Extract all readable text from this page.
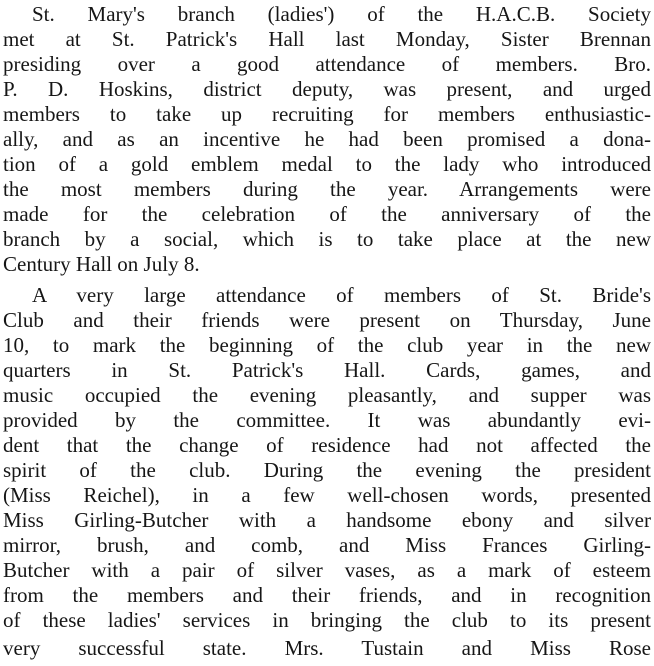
St. Mary's branch (ladies') of the H.A.C.B. Society
met at St. Patrick's Hall last Monday, Sister Brennan
presiding over a good attendance of members. Bro.
P. D. Hoskins, district deputy, was present, and urged
members to take up recruiting for members enthusiastic-
ally, and as an incentive he had been promised a dona-
tion of a gold emblem medal to the lady who introduced
the most members during the year. Arrangements were
made for the celebration of the anniversary of the
branch by a social, which is to take place at the new
Century Hall on July 8.
A very large attendance of members of St. Bride's
Club and their friends were present on Thursday, June
10, to mark the beginning of the club year in the new
quarters in St. Patrick's Hall. Cards, games, and
music occupied the evening pleasantly, and supper was
provided by the committee. It was abundantly evi-
dent that the change of residence had not affected the
spirit of the club. During the evening the president
(Miss Reichel), in a few well-chosen words, presented
Miss Girling-Butcher with a handsome ebony and silver
mirror, brush, and comb, and Miss Frances Girling-
Butcher with a pair of silver vases, as a mark of esteem
from the members and their friends, and in recognition
of these ladies' services in bringing the club to its present
very successful state. Mrs. Tustain and Miss Rose
